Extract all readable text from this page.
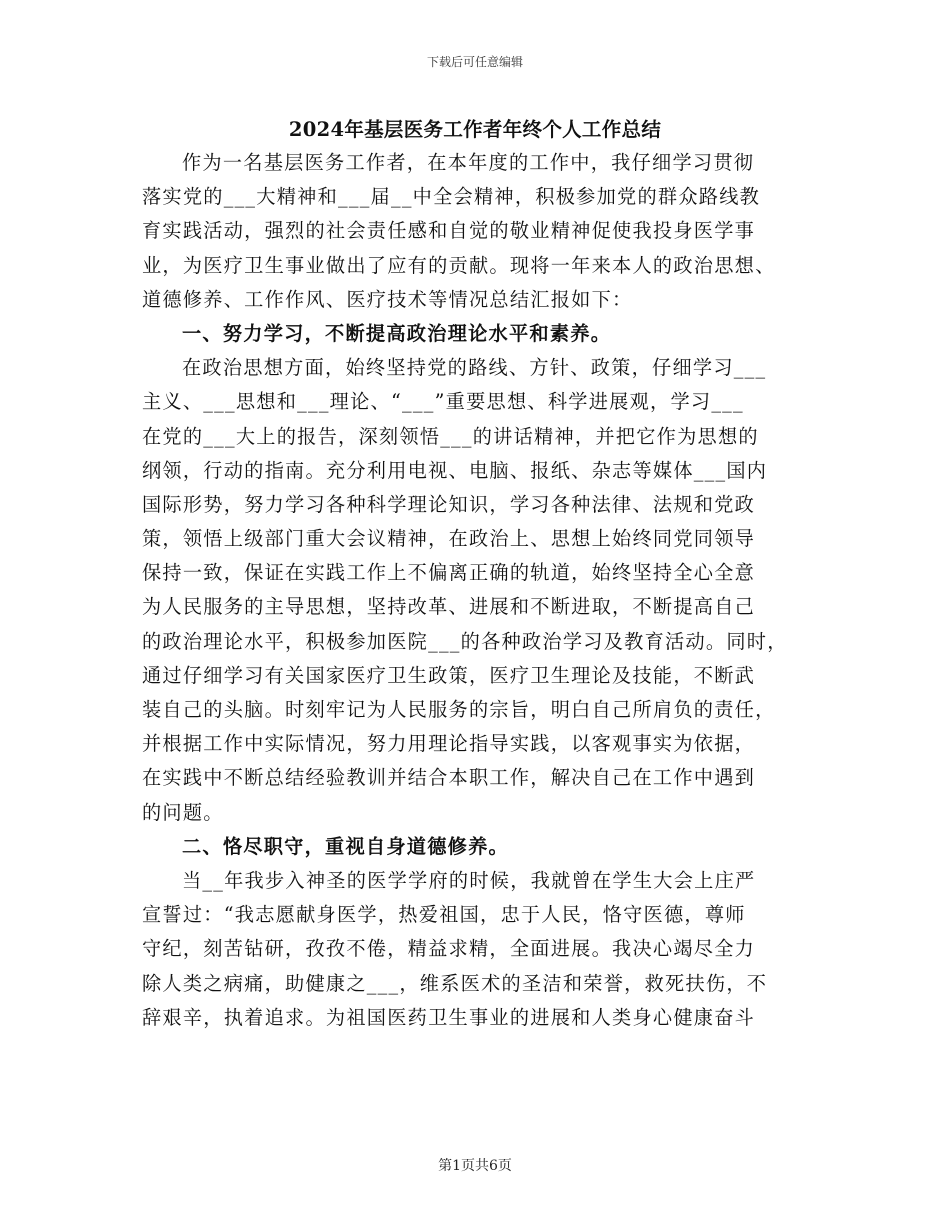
下载后可任意编辑
2024年基层医务工作者年终个人工作总结
作为一名基层医务工作者，在本年度的工作中，我仔细学习贯彻
落实党的___大精神和___届__中全会精神，积极参加党的群众路线教
育实践活动，强烈的社会责任感和自觉的敬业精神促使我投身医学事
业，为医疗卫生事业做出了应有的贡献。现将一年来本人的政治思想、
道德修养、工作作风、医疗技术等情况总结汇报如下：
一、努力学习，不断提高政治理论水平和素养。
在政治思想方面，始终坚持党的路线、方针、政策，仔细学习___
主义、___思想和___理论、“___”重要思想、科学进展观，学习___
在党的___大上的报告，深刻领悟___的讲话精神，并把它作为思想的
纲领，行动的指南。充分利用电视、电脑、报纸、杂志等媒体___国内
国际形势，努力学习各种科学理论知识，学习各种法律、法规和党政
策，领悟上级部门重大会议精神，在政治上、思想上始终同党同领导
保持一致，保证在实践工作上不偏离正确的轨道，始终坚持全心全意
为人民服务的主导思想，坚持改革、进展和不断进取，不断提高自己
的政治理论水平，积极参加医院___的各种政治学习及教育活动。同时，
通过仔细学习有关国家医疗卫生政策，医疗卫生理论及技能，不断武
装自己的头脑。时刻牢记为人民服务的宗旨，明白自己所肩负的责任，
并根据工作中实际情况，努力用理论指导实践，以客观事实为依据，
在实践中不断总结经验教训并结合本职工作，解决自己在工作中遇到
的问题。
二、恪尽职守，重视自身道德修养。
当__年我步入神圣的医学学府的时候，我就曾在学生大会上庄严
宣誓过：“我志愿献身医学，热爱祖国，忠于人民，恪守医德，尊师
守纪，刻苦钻研，孜孜不倦，精益求精，全面进展。我决心竭尽全力
除人类之病痛，助健康之___，维系医术的圣洁和荣誉，救死扶伤，不
辞艰辛，执着追求。为祖国医药卫生事业的进展和人类身心健康奋斗
第1页共6页
